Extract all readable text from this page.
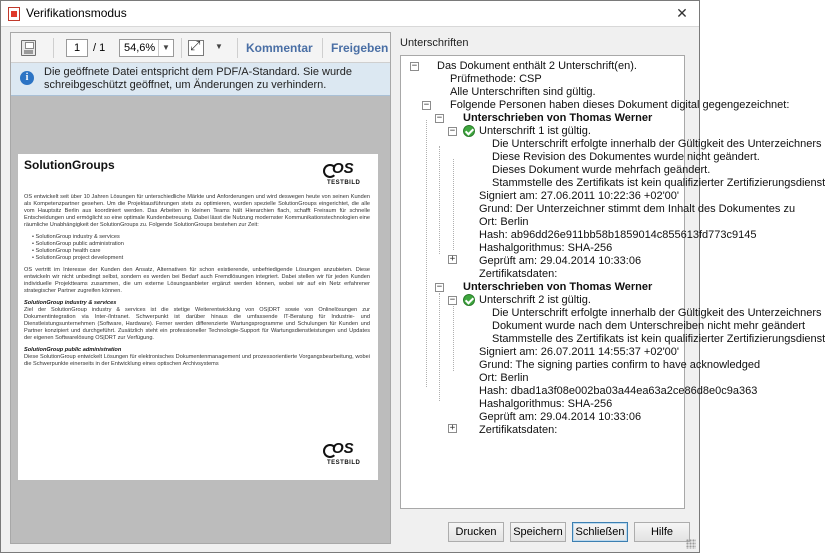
Verifikationsmodus	✕
1	/ 1 54,6% ▼
⤢	▼ Kommentar Freigeben
i	Die geöffnete Datei entspricht dem PDF/A-Standard. Sie wurde schreibgeschützt geöffnet, um Änderungen zu verhindern.
SolutionGroups	OS
TESTBILD

OS entwickelt seit über 10 Jahren Lösungen für unterschiedliche Märkte und Anforderungen und wird deswegen heute von seinen Kunden als Kompetenzpartner gesehen. Um die Projektausführungen stets zu optimieren, wurden spezielle SolutionGroups eingerichtet, die alle vom Hauptsitz Berlin aus koordiniert werden. Das Arbeiten in kleinen Teams hält Hierarchien flach, schafft Freiraum für schnelle Entscheidungen und ermöglicht so eine optimale Kundenbetreuung. Dabei lässt die Nutzung modernster Kommunikationstechnologien eine räumliche Unabhängigkeit der SolutionGroups zu. Folgende SolutionGroups bestehen zur Zeit:

• SolutionGroup industry & services
• SolutionGroup public administration
• SolutionGroup health care
• SolutionGroup project development

OS vertritt im Interesse der Kunden den Ansatz, Alternativen für schon existierende, unbefriedigende Lösungen anzubieten. Diese entwickeln wir nicht unbedingt selbst, sondern es werden bei Bedarf auch Fremdlösungen integriert. Dabei stellen wir für jeden Kunden individuelle Projektteams zusammen, die um externe Lösungsanbieter ergänzt werden können, wobei wir auf ein Netz erfahrener strategischer Partner zugreifen können.

SolutionGroup industry & services

Ziel der SolutionGroup industry & services ist die stetige Weiterentwicklung von OS|DRT sowie von Onlinelösungen zur Dokumentintegration via Inter-/Intranet. Schwerpunkt ist darüber hinaus die umfassende IT-Beratung für Industrie- und Dienstleistungsunternehmen (Software, Hardware). Ferner werden differenzierte Wartungsprogramme und Schulungen für Kunden und Partner konzipiert und durchgeführt. Zusätzlich steht ein professioneller Technologie-Support für Wartungsdienstleistungen und Updates der eigenen Softwarelösung OS|DRT zur Verfügung.

SolutionGroup public administration

Diese SolutionGroup entwickelt Lösungen für elektronisches Dokumentenmanagement und prozessorientierte Vorgangsbearbeitung, wobei die Schwerpunkte einerseits in der Entwicklung eines optischen Archivsystems

OS
TESTBILD
Unterschriften
− Das Dokument enthält 2 Unterschrift(en).
Prüfmethode: CSP
Alle Unterschriften sind gültig.
− Folgende Personen haben dieses Dokument digital gegengezeichnet:
− Unterschrieben von Thomas Werner
− Unterschrift 1 ist gültig.
Die Unterschrift erfolgte innerhalb der Gültigkeit des Unterzeichners
Diese Revision des Dokumentes wurde nicht geändert.
Dieses Dokument wurde mehrfach geändert.
Stammstelle des Zertifikats ist kein qualifizierter Zertifizierungsdienst
Signiert am: 27.06.2011 10:22:36 +02'00'
Grund: Der Unterzeichner stimmt dem Inhalt des Dokumentes zu
Ort: Berlin
Hash: ab96dd26e911bb58b1859014c855613fd773c9145
Hashalgorithmus: SHA-256
Geprüft am: 29.04.2014 10:33:06
+
Zertifikatsdaten:
− Unterschrieben von Thomas Werner
− Unterschrift 2 ist gültig.
Die Unterschrift erfolgte innerhalb der Gültigkeit des Unterzeichners
Dokument wurde nach dem Unterschreiben nicht mehr geändert
Stammstelle des Zertifikats ist kein qualifizierter Zertifizierungsdienst
Signiert am: 26.07.2011 14:55:37 +02'00'
Grund: The signing parties confirm to have acknowledged
Ort: Berlin
Hash: dbad1a3f08e002ba03a44ea63a2ce86d8e0c9a363
Hashalgorithmus: SHA-256
Geprüft am: 29.04.2014 10:33:06
+ Zertifikatsdaten:
Drucken	Speichern	Schließen	Hilfe
